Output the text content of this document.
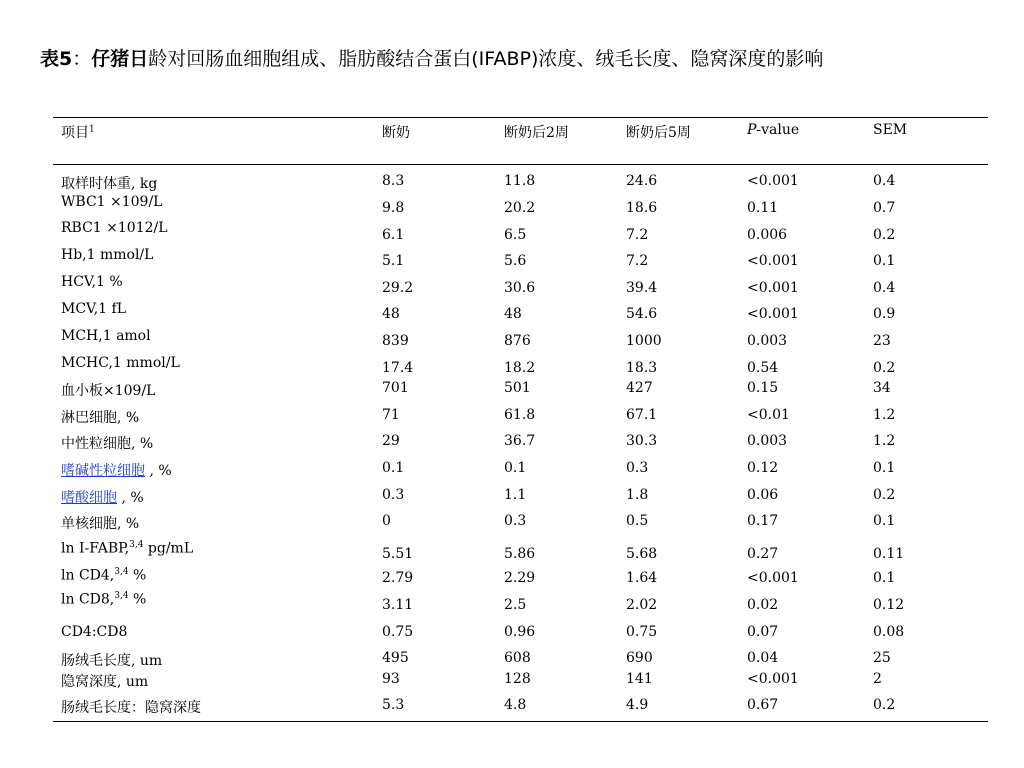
表5：仔猪日龄对回肠血细胞组成、脂肪酸结合蛋白(IFABP)浓度、绒毛长度、隐窝深度的影响
项目$^1$	断奶	断奶后2周	断奶后5周	P-value	SEM
取样时体重, kg	8.3	11.8	24.6	<0.001	0.4
WBC1 ×109/L	9.8	20.2	18.6	0.11	0.7
RBC1 ×1012/L	6.1	6.5	7.2	0.006	0.2
Hb,1 mmol/L	5.1	5.6	7.2	<0.001	0.1
HCV,1 %	29.2	30.6	39.4	<0.001	0.4
MCV,1 fL	48	48	54.6	<0.001	0.9
MCH,1 amol	839	876	1000	0.003	23
MCHC,1 mmol/L	17.4	18.2	18.3	0.54	0.2
血小板×109/L	701	501	427	0.15	34
淋巴细胞, %	71	61.8	67.1	<0.01	1.2
中性粒细胞, %	29	36.7	30.3	0.003	1.2
嗜碱性粒细胞 , %	0.1	0.1	0.3	0.12	0.1
嗜酸细胞 , %	0.3	1.1	1.8	0.06	0.2
单核细胞, %	0	0.3	0.5	0.17	0.1
ln I-FABP,$^{3,4}$ pg/mL	5.51	5.86	5.68	0.27	0.11
ln CD4,$^{3,4}$ %	2.79	2.29	1.64	<0.001	0.1
ln CD8,$^{3,4}$ %	3.11	2.5	2.02	0.02	0.12
CD4:CD8	0.75	0.96	0.75	0.07	0.08
肠绒毛长度, um	495	608	690	0.04	25
隐窝深度, um	93	128	141	<0.001	2
肠绒毛长度：隐窝深度	5.3	4.8	4.9	0.67	0.2
